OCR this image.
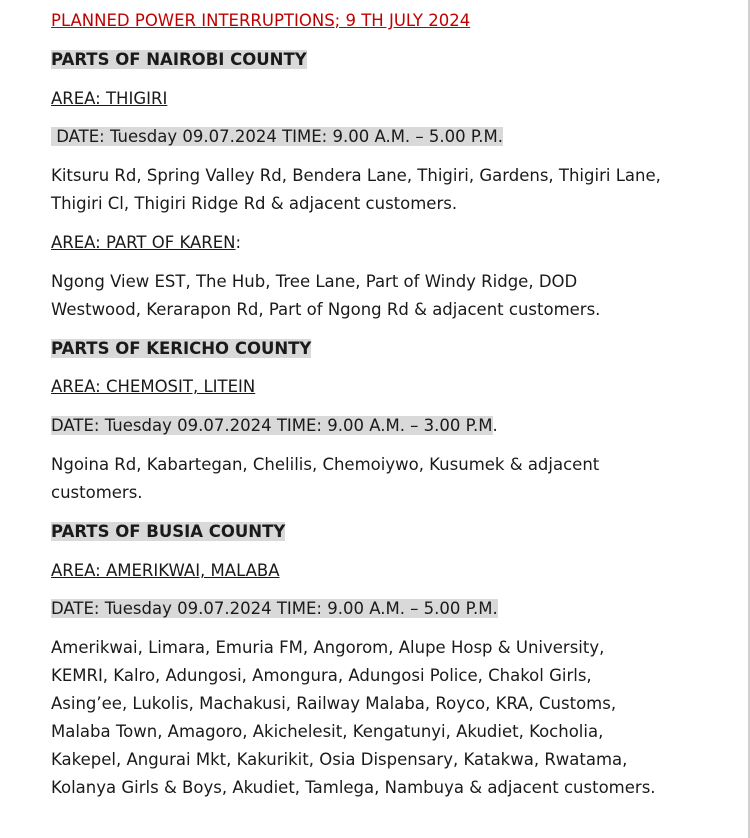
PLANNED POWER INTERRUPTIONS; 9 TH JULY 2024
PARTS OF NAIROBI COUNTY
AREA: THIGIRI
DATE: Tuesday 09.07.2024 TIME: 9.00 A.M. – 5.00 P.M.
Kitsuru Rd, Spring Valley Rd, Bendera Lane, Thigiri, Gardens, Thigiri Lane, Thigiri Cl, Thigiri Ridge Rd & adjacent customers.
AREA: PART OF KAREN:
Ngong View EST, The Hub, Tree Lane, Part of Windy Ridge, DOD Westwood, Kerarapon Rd, Part of Ngong Rd & adjacent customers.
PARTS OF KERICHO COUNTY
AREA: CHEMOSIT, LITEIN
DATE: Tuesday 09.07.2024 TIME: 9.00 A.M. – 3.00 P.M.
Ngoina Rd, Kabartegan, Chelilis, Chemoiywo, Kusumek & adjacent customers.
PARTS OF BUSIA COUNTY
AREA: AMERIKWAI, MALABA
DATE: Tuesday 09.07.2024 TIME: 9.00 A.M. – 5.00 P.M.
Amerikwai, Limara, Emuria FM, Angorom, Alupe Hosp & University, KEMRI, Kalro, Adungosi, Amongura, Adungosi Police, Chakol Girls, Asing’ee, Lukolis, Machakusi, Railway Malaba, Royco, KRA, Customs, Malaba Town, Amagoro, Akichelesit, Kengatunyi, Akudiet, Kocholia, Kakepel, Angurai Mkt, Kakurikit, Osia Dispensary, Katakwa, Rwatama, Kolanya Girls & Boys, Akudiet, Tamlega, Nambuya & adjacent customers.
